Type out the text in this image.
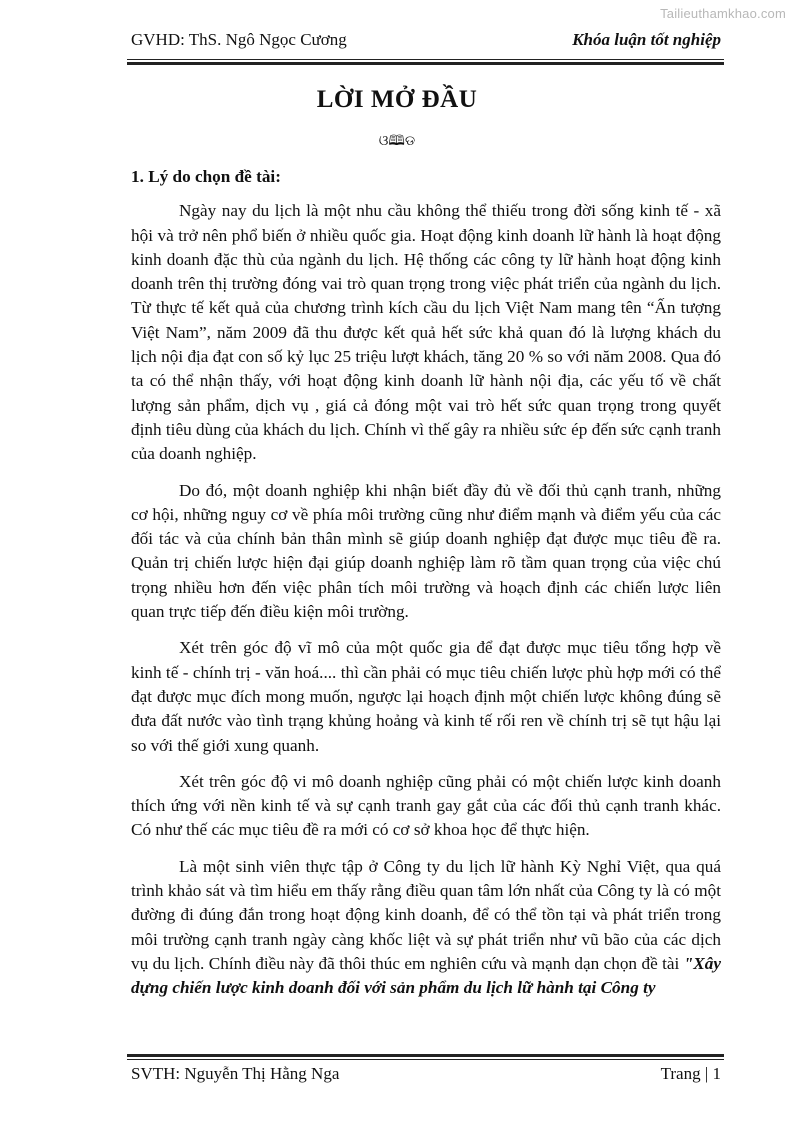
Tailieuthamkhao.com
GVHD: ThS. Ngô Ngọc Cương	Khóa luận tốt nghiệp
LỜI MỞ ĐẦU
ଓ🕮ଡ
1. Lý do chọn đề tài:

Ngày nay du lịch là một nhu cầu không thể thiếu trong đời sống kinh tế - xã hội và trở nên phổ biến ở nhiều quốc gia. Hoạt động kinh doanh lữ hành là hoạt động kinh doanh đặc thù của ngành du lịch. Hệ thống các công ty lữ hành hoạt động kinh doanh trên thị trường đóng vai trò quan trọng trong việc phát triển của ngành du lịch. Từ thực tế kết quả của chương trình kích cầu du lịch Việt Nam mang tên “Ấn tượng Việt Nam”, năm 2009 đã thu được kết quả hết sức khả quan đó là lượng khách du lịch nội địa đạt con số kỷ lục 25 triệu lượt khách, tăng 20 % so với năm 2008. Qua đó ta có thể nhận thấy, với hoạt động kinh doanh lữ hành nội địa, các yếu tố về chất lượng sản phẩm, dịch vụ , giá cả đóng một vai trò hết sức quan trọng trong quyết định tiêu dùng của khách du lịch. Chính vì thế gây ra nhiều sức ép đến sức cạnh tranh của doanh nghiệp.

Do đó, một doanh nghiệp khi nhận biết đầy đủ về đối thủ cạnh tranh, những cơ hội, những nguy cơ về phía môi trường cũng như điểm mạnh và điểm yếu của các đối tác và của chính bản thân mình sẽ giúp doanh nghiệp đạt được mục tiêu đề ra. Quản trị chiến lược hiện đại giúp doanh nghiệp làm rõ tầm quan trọng của việc chú trọng nhiều hơn đến việc phân tích môi trường và hoạch định các chiến lược liên quan trực tiếp đến điều kiện môi trường.

Xét trên góc độ vĩ mô của một quốc gia để đạt được mục tiêu tổng hợp về kinh tế - chính trị - văn hoá.... thì cần phải có mục tiêu chiến lược phù hợp mới có thể đạt được mục đích mong muốn, ngược lại hoạch định một chiến lược không đúng sẽ đưa đất nước vào tình trạng khủng hoảng và kinh tế rối ren về chính trị sẽ tụt hậu lại so với thế giới xung quanh.

Xét trên góc độ vi mô doanh nghiệp cũng phải có một chiến lược kinh doanh thích ứng với nền kinh tế và sự cạnh tranh gay gắt của các đối thủ cạnh tranh khác. Có như thế các mục tiêu đề ra mới có cơ sở khoa học để thực hiện.

Là một sinh viên thực tập ở Công ty du lịch lữ hành Kỳ Nghỉ Việt, qua quá trình khảo sát và tìm hiểu em thấy rằng điều quan tâm lớn nhất của Công ty là có một đường đi đúng đắn trong hoạt động kinh doanh, để có thể tồn tại và phát triển trong môi trường cạnh tranh ngày càng khốc liệt và sự phát triển như vũ bão của các dịch vụ du lịch. Chính điều này đã thôi thúc em nghiên cứu và mạnh dạn chọn đề tài "Xây dựng chiến lược kinh doanh đối với sản phẩm du lịch lữ hành tại Công ty

SVTH: Nguyễn Thị Hằng Nga	Trang | 1
